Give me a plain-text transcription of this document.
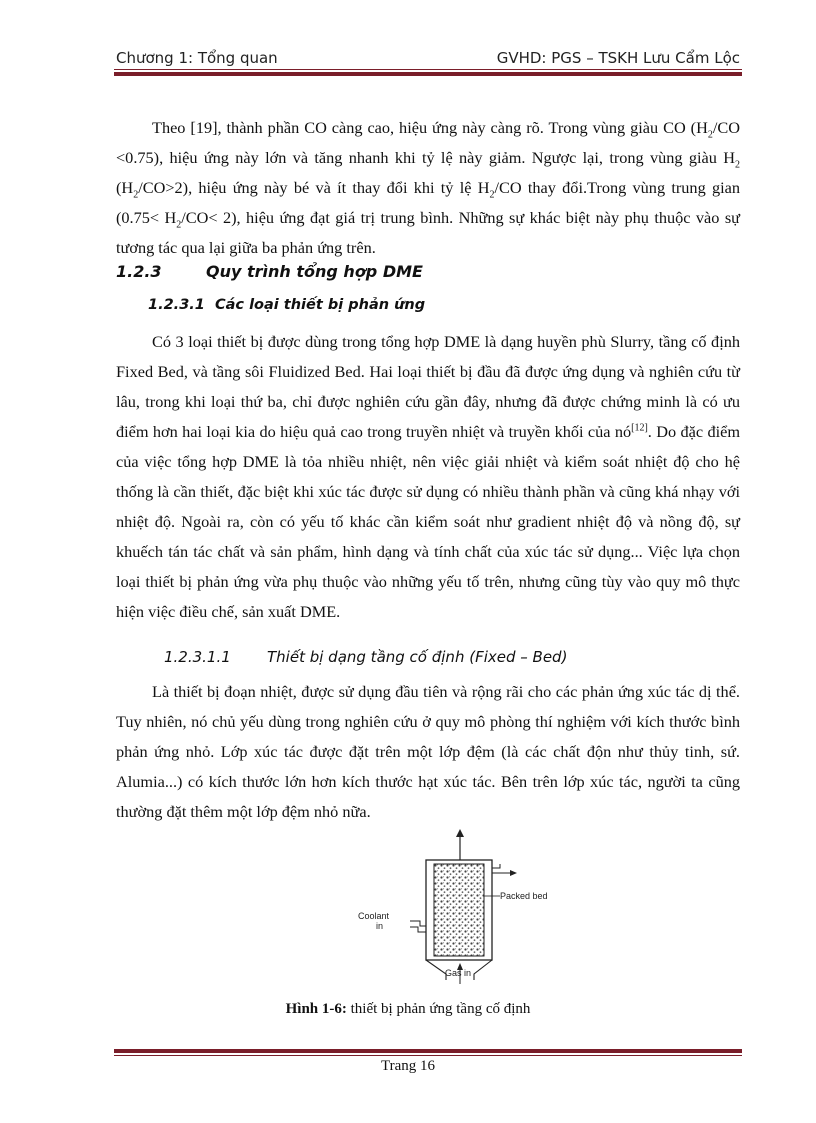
Chương 1: Tổng quan	GVHD: PGS – TSKH Lưu Cẩm Lộc

Theo [19], thành phần CO càng cao, hiệu ứng này càng rõ. Trong vùng giàu CO $(H_2/CO <0.75)$, hiệu ứng này lớn và tăng nhanh khi tỷ lệ này giảm. Ngược lại, trong vùng giàu $H_2$ $(H_2/CO>2)$, hiệu ứng này bé và ít thay đổi khi tỷ lệ $H_2/CO$ thay đổi.Trong vùng trung gian $(0.75< H_2/CO< 2)$, hiệu ứng đạt giá trị trung bình. Những sự khác biệt này phụ thuộc vào sự tương tác qua lại giữa ba phản ứng trên.

1.2.3	Quy trình tổng hợp DME
1.2.3.1 Các loại thiết bị phản ứng

Có 3 loại thiết bị được dùng trong tổng hợp DME là dạng huyền phù Slurry, tầng cố định Fixed Bed, và tầng sôi Fluidized Bed. Hai loại thiết bị đầu đã được ứng dụng và nghiên cứu từ lâu, trong khi loại thứ ba, chỉ được nghiên cứu gần đây, nhưng đã được chứng minh là có ưu điểm hơn hai loại kia do hiệu quả cao trong truyền nhiệt và truyền khối của nó[12]. Do đặc điểm của việc tổng hợp DME là tỏa nhiều nhiệt, nên việc giải nhiệt và kiểm soát nhiệt độ cho hệ thống là cần thiết, đặc biệt khi xúc tác được sử dụng có nhiều thành phần và cũng khá nhạy với nhiệt độ. Ngoài ra, còn có yếu tố khác cần kiểm soát như gradient nhiệt độ và nồng độ, sự khuếch tán tác chất và sản phẩm, hình dạng và tính chất của xúc tác sử dụng... Việc lựa chọn loại thiết bị phản ứng vừa phụ thuộc vào những yếu tố trên, nhưng cũng tùy vào quy mô thực hiện việc điều chế, sản xuất DME.

1.2.3.1.1 Thiết bị dạng tầng cố định (Fixed – Bed)

Là thiết bị đoạn nhiệt, được sử dụng đầu tiên và rộng rãi cho các phản ứng xúc tác dị thể. Tuy nhiên, nó chủ yếu dùng trong nghiên cứu ở quy mô phòng thí nghiệm với kích thước bình phản ứng nhỏ. Lớp xúc tác được đặt trên một lớp đệm (là các chất độn như thủy tinh, sứ. Alumia...) có kích thước lớn hơn kích thước hạt xúc tác. Bên trên lớp xúc tác, người ta cũng thường đặt thêm một lớp đệm nhỏ nữa.

Packed bed
Coolant
in
Gas in
Hình 1-6: thiết bị phản ứng tầng cố định
Trang 16
